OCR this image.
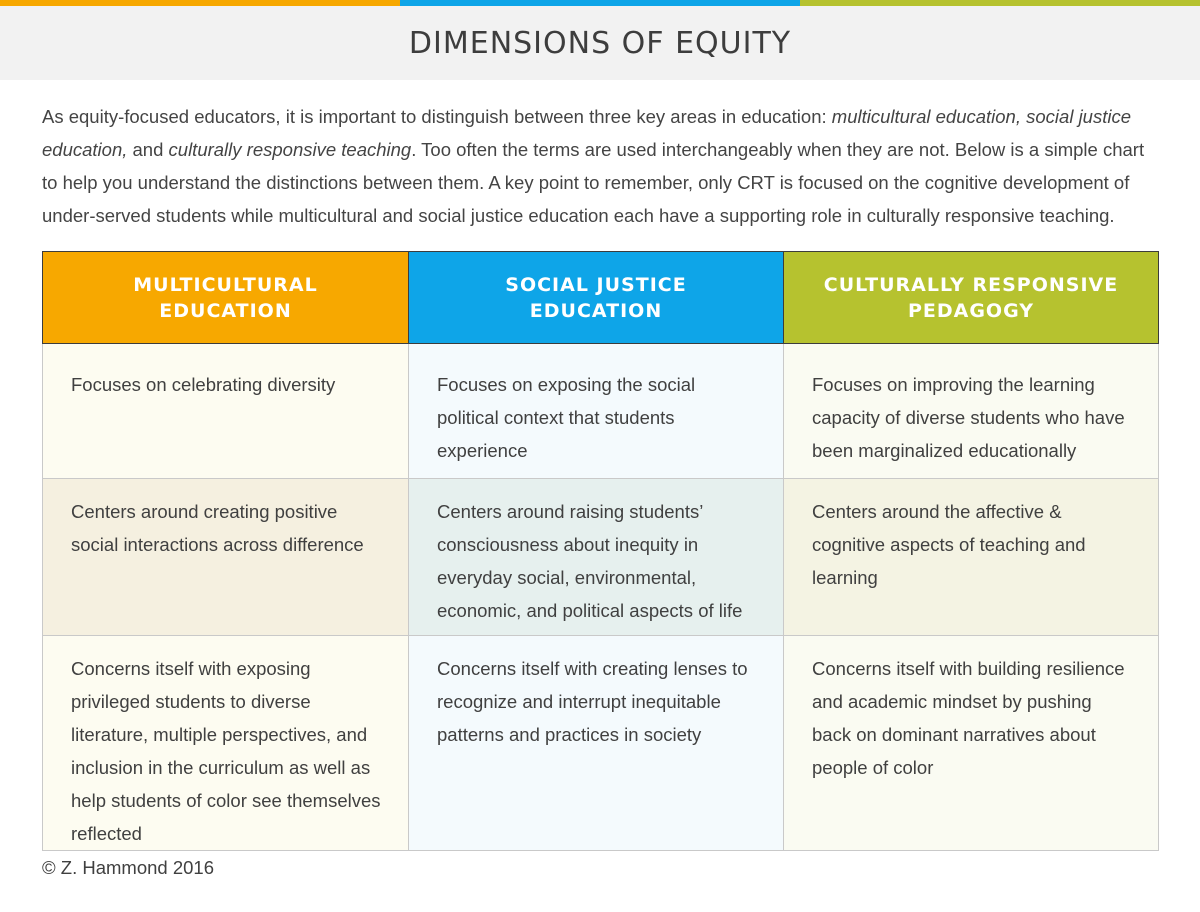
DIMENSIONS OF EQUITY

As equity-focused educators, it is important to distinguish between three key areas in education: multicultural education, social justice education, and culturally responsive teaching. Too often the terms are used interchangeably when they are not. Below is a simple chart to help you understand the distinctions between them. A key point to remember, only CRT is focused on the cognitive development of under-served students while multicultural and social justice education each have a supporting role in culturally responsive teaching.

MULTICULTURAL EDUCATION	SOCIAL JUSTICE EDUCATION	CULTURALLY RESPONSIVE PEDAGOGY
Focuses on celebrating diversity	Focuses on exposing the social political context that students experience	Focuses on improving the learning capacity of diverse students who have been marginalized educationally
Centers around creating positive social interactions across difference	Centers around raising students’ consciousness about inequity in everyday social, environmental, economic, and political aspects of life	Centers around the affective & cognitive aspects of teaching and learning
Concerns itself with exposing privileged students to diverse literature, multiple perspectives, and inclusion in the curriculum as well as help students of color see themselves reflected	Concerns itself with creating lenses to recognize and interrupt inequitable patterns and practices in society	Concerns itself with building resilience and academic mindset by pushing back on dominant narratives about people of color

© Z. Hammond 2016
